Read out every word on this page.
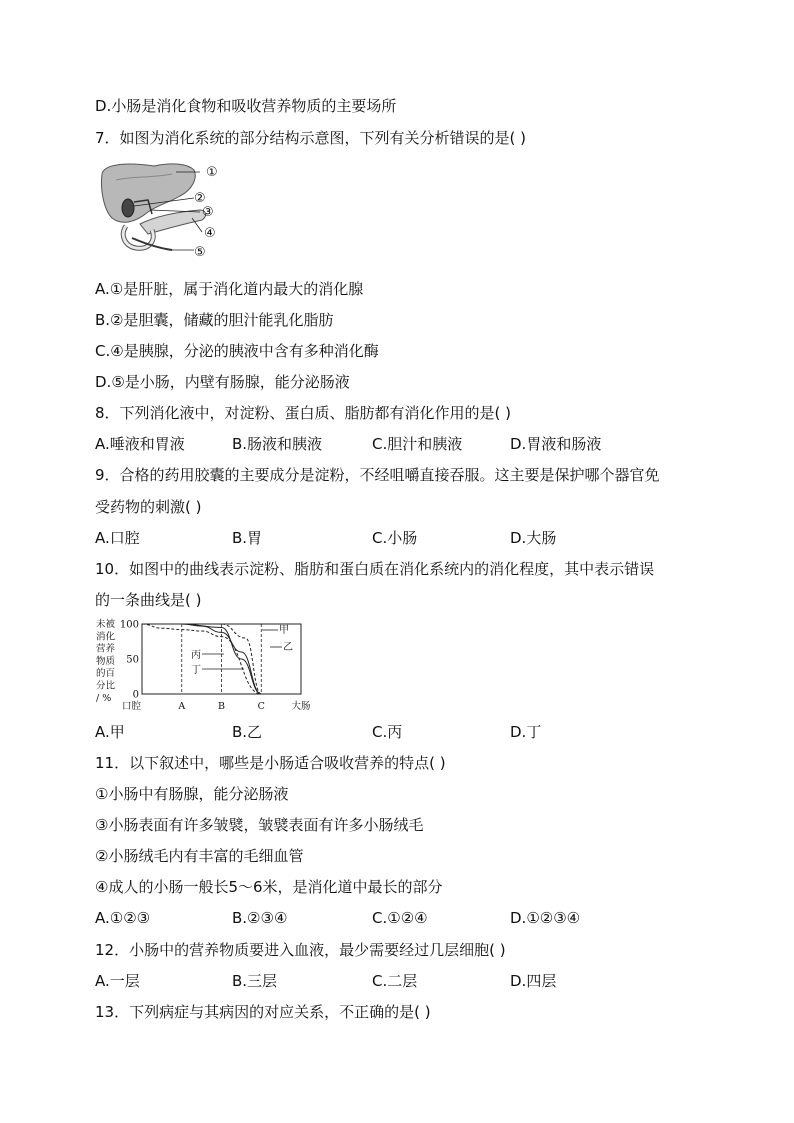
D.小肠是消化食物和吸收营养物质的主要场所
7．如图为消化系统的部分结构示意图，下列有关分析错误的是( )
①
②
③
④
⑤
A.①是肝脏，属于消化道内最大的消化腺
B.②是胆囊，储藏的胆汁能乳化脂肪
C.④是胰腺，分泌的胰液中含有多种消化酶
D.⑤是小肠，内壁有肠腺，能分泌肠液
8．下列消化液中，对淀粉、蛋白质、脂肪都有消化作用的是( )
A.唾液和胃液	B.肠液和胰液	C.胆汁和胰液	D.胃液和肠液
9．合格的药用胶囊的主要成分是淀粉，不经咀嚼直接吞服。这主要是保护哪个器官免
受药物的刺激( )
A.口腔	B.胃	C.小肠	D.大肠
10．如图中的曲线表示淀粉、脂肪和蛋白质在消化系统内的消化程度，其中表示错误
的一条曲线是( )
未被
消化
营养
物质
的百
分比
/ %
100
50
0
甲
乙
丙
丁
口腔	A	B	C	大肠
A.甲	B.乙	C.丙	D.丁
11．以下叙述中，哪些是小肠适合吸收营养的特点( )
①小肠中有肠腺，能分泌肠液
③小肠表面有许多皱襞，皱襞表面有许多小肠绒毛
②小肠绒毛内有丰富的毛细血管
④成人的小肠一般长5～6米，是消化道中最长的部分
A.①②③	B.②③④	C.①②④	D.①②③④
12．小肠中的营养物质要进入血液，最少需要经过几层细胞( )
A.一层	B.三层	C.二层	D.四层
13．下列病症与其病因的对应关系，不正确的是( )
